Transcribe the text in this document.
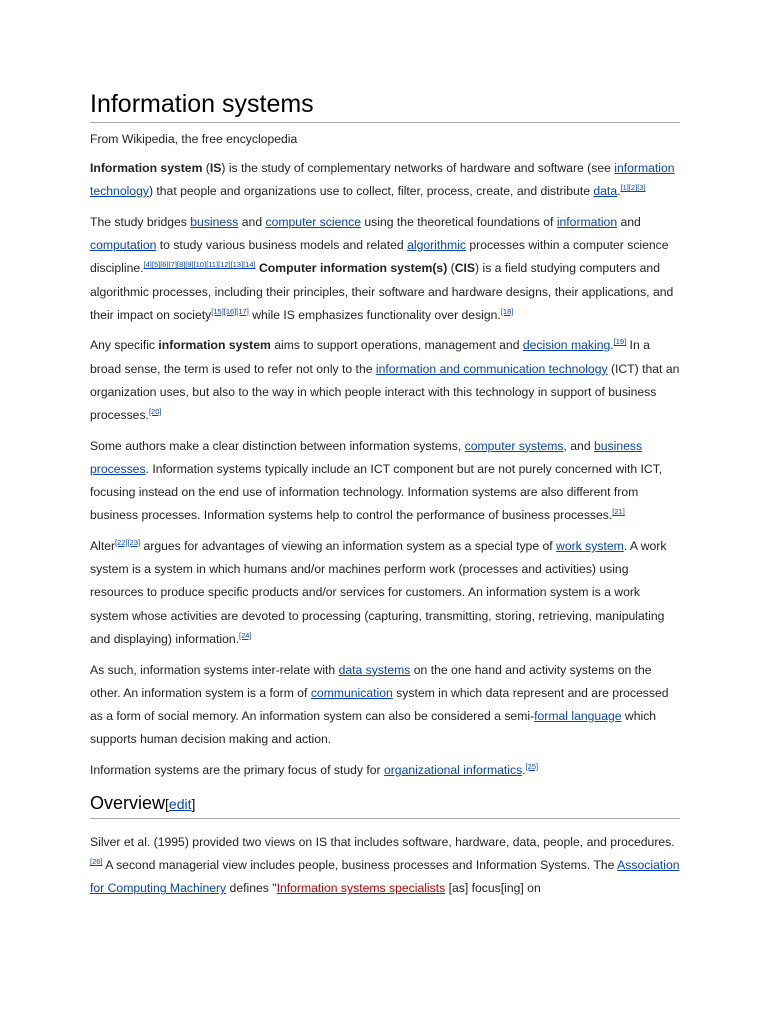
Information systems
From Wikipedia, the free encyclopedia

Information system (IS) is the study of complementary networks of hardware and software (see information technology) that people and organizations use to collect, filter, process, create, and distribute data.[1][2][3]

The study bridges business and computer science using the theoretical foundations of information and computation to study various business models and related algorithmic processes within a computer science discipline.[4][5][6][7][8][9][10][11][12][13][14] Computer information system(s) (CIS) is a field studying computers and algorithmic processes, including their principles, their software and hardware designs, their applications, and their impact on society[15][16][17] while IS emphasizes functionality over design.[18]

Any specific information system aims to support operations, management and decision making.[19] In a broad sense, the term is used to refer not only to the information and communication technology (ICT) that an organization uses, but also to the way in which people interact with this technology in support of business processes.[20]

Some authors make a clear distinction between information systems, computer systems, and business processes. Information systems typically include an ICT component but are not purely concerned with ICT, focusing instead on the end use of information technology. Information systems are also different from business processes. Information systems help to control the performance of business processes.[21]

Alter[22][23] argues for advantages of viewing an information system as a special type of work system. A work system is a system in which humans and/or machines perform work (processes and activities) using resources to produce specific products and/or services for customers. An information system is a work system whose activities are devoted to processing (capturing, transmitting, storing, retrieving, manipulating and displaying) information.[24]

As such, information systems inter-relate with data systems on the one hand and activity systems on the other. An information system is a form of communication system in which data represent and are processed as a form of social memory. An information system can also be considered a semi-formal language which supports human decision making and action.

Information systems are the primary focus of study for organizational informatics.[25]

Overview[edit]

Silver et al. (1995) provided two views on IS that includes software, hardware, data, people, and procedures.[26] A second managerial view includes people, business processes and Information Systems. The Association for Computing Machinery defines "Information systems specialists [as] focus[ing] on
